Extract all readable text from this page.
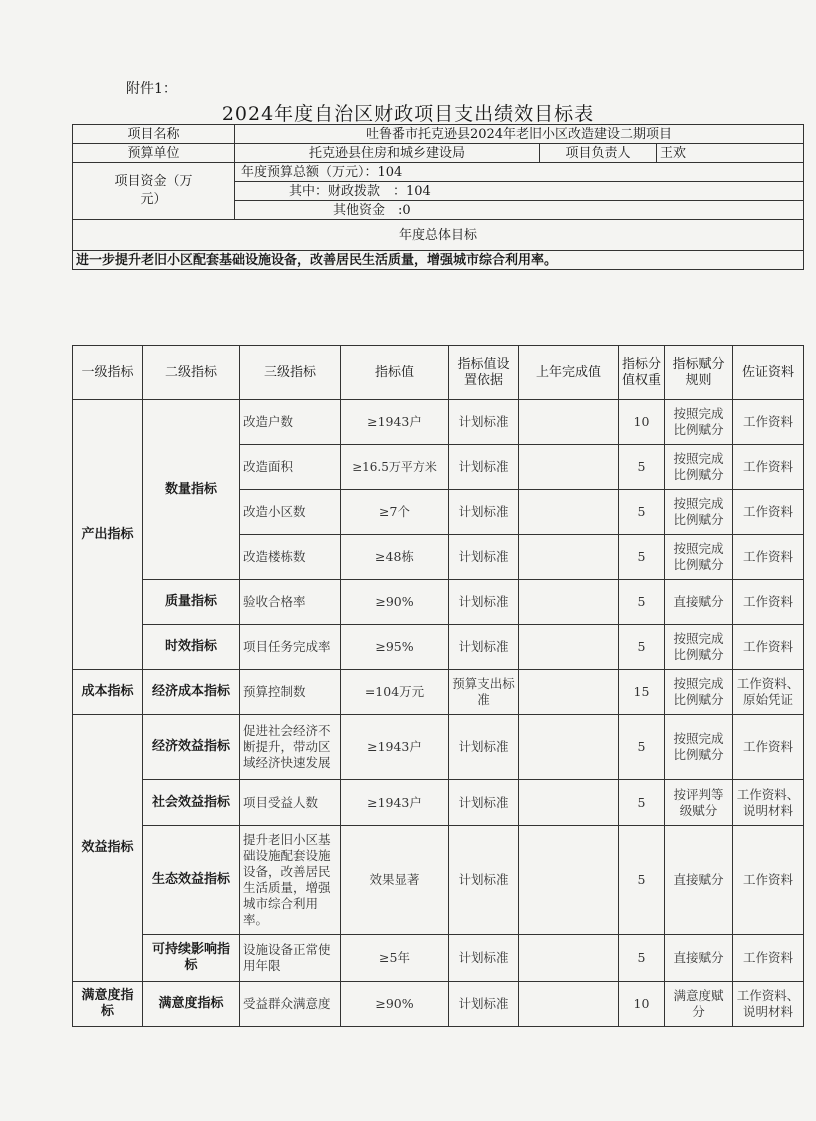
附件1：
2024年度自治区财政项目支出绩效目标表
项目名称	吐鲁番市托克逊县2024年老旧小区改造建设二期项目		
预算单位	托克逊县住房和城乡建设局	项目负责人	王欢
项目资金（万元）	年度预算总额（万元）：104		
	其中：财政拨款　：104		
	其他资金　:0		
年度总体目标			
进一步提升老旧小区配套基础设施设备，改善居民生活质量，增强城市综合利用率。			
一级指标	二级指标	三级指标	指标值	指标值设置依据	上年完成值	指标分值权重	指标赋分规则	佐证资料
产出指标	数量指标	改造户数	≥1943户	计划标准		10	按照完成比例赋分	工作资料
		改造面积	≥16.5万平方米	计划标准		5	按照完成比例赋分	工作资料
		改造小区数	≥7个	计划标准		5	按照完成比例赋分	工作资料
		改造楼栋数	≥48栋	计划标准		5	按照完成比例赋分	工作资料
	质量指标	验收合格率	≥90%	计划标准		5	直接赋分	工作资料
	时效指标	项目任务完成率	≥95%	计划标准		5	按照完成比例赋分	工作资料
成本指标	经济成本指标	预算控制数	=104万元	预算支出标准		15	按照完成比例赋分	工作资料、原始凭证
效益指标	经济效益指标	促进社会经济不断提升，带动区域经济快速发展	≥1943户	计划标准		5	按照完成比例赋分	工作资料
	社会效益指标	项目受益人数	≥1943户	计划标准		5	按评判等级赋分	工作资料、说明材料
	生态效益指标	提升老旧小区基础设施配套设施设备，改善居民生活质量，增强城市综合利用率。	效果显著	计划标准		5	直接赋分	工作资料
	可持续影响指标	设施设备正常使用年限	≥5年	计划标准		5	直接赋分	工作资料
满意度指标	满意度指标	受益群众满意度	≥90%	计划标准		10	满意度赋分	工作资料、说明材料
